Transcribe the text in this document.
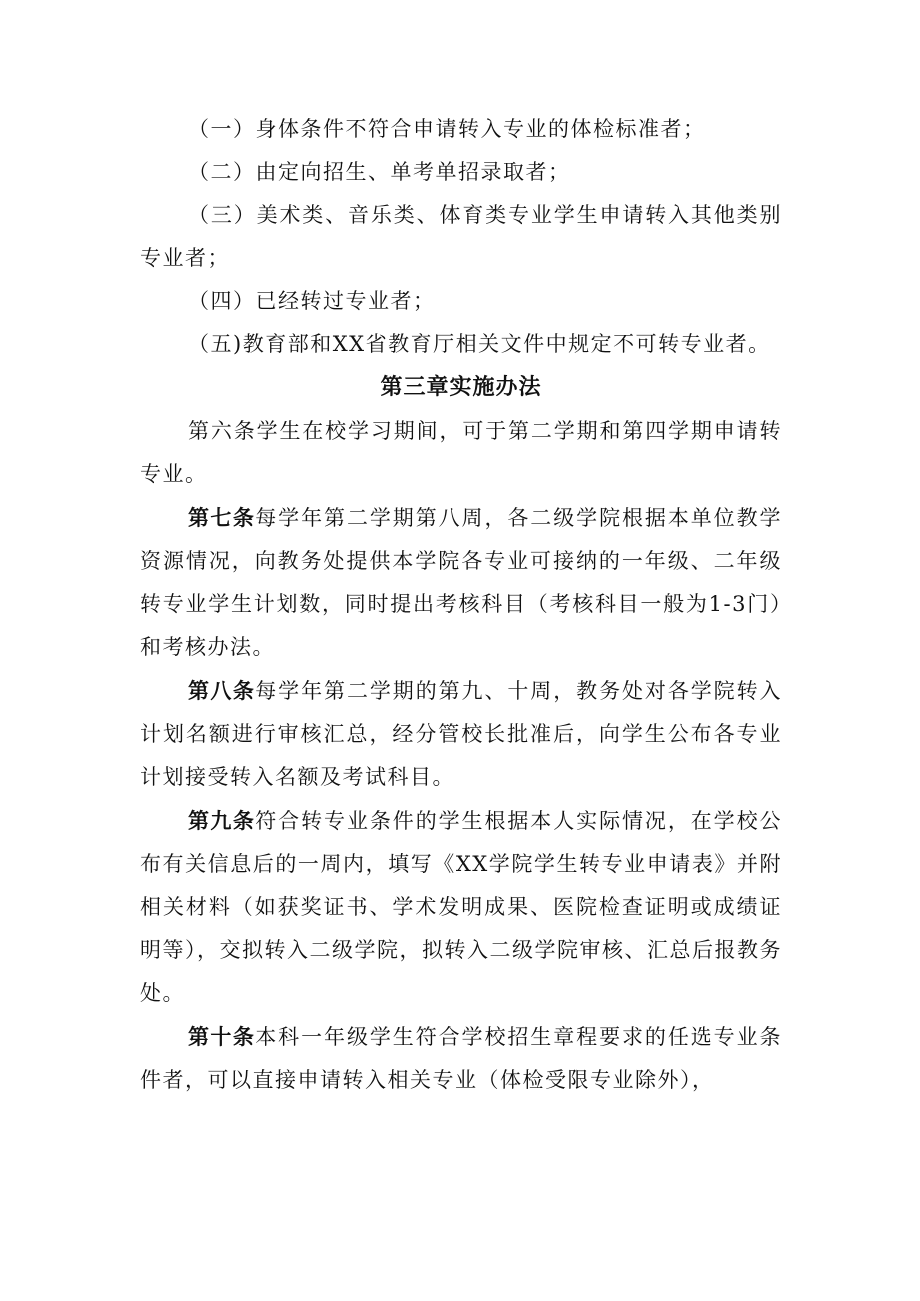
（一）身体条件不符合申请转入专业的体检标准者；

（二）由定向招生、单考单招录取者；

（三）美术类、音乐类、体育类专业学生申请转入其他类别专业者；

（四）已经转过专业者；

（五)教育部和XX省教育厅相关文件中规定不可转专业者。

第三章实施办法

第六条学生在校学习期间，可于第二学期和第四学期申请转专业。

第七条每学年第二学期第八周，各二级学院根据本单位教学资源情况，向教务处提供本学院各专业可接纳的一年级、二年级转专业学生计划数，同时提出考核科目（考核科目一般为1-3门）和考核办法。

第八条每学年第二学期的第九、十周，教务处对各学院转入计划名额进行审核汇总，经分管校长批准后，向学生公布各专业计划接受转入名额及考试科目。

第九条符合转专业条件的学生根据本人实际情况，在学校公布有关信息后的一周内，填写《XX学院学生转专业申请表》并附相关材料（如获奖证书、学术发明成果、医院检查证明或成绩证明等），交拟转入二级学院，拟转入二级学院审核、汇总后报教务处。

第十条本科一年级学生符合学校招生章程要求的任选专业条件者，可以直接申请转入相关专业（体检受限专业除外），
